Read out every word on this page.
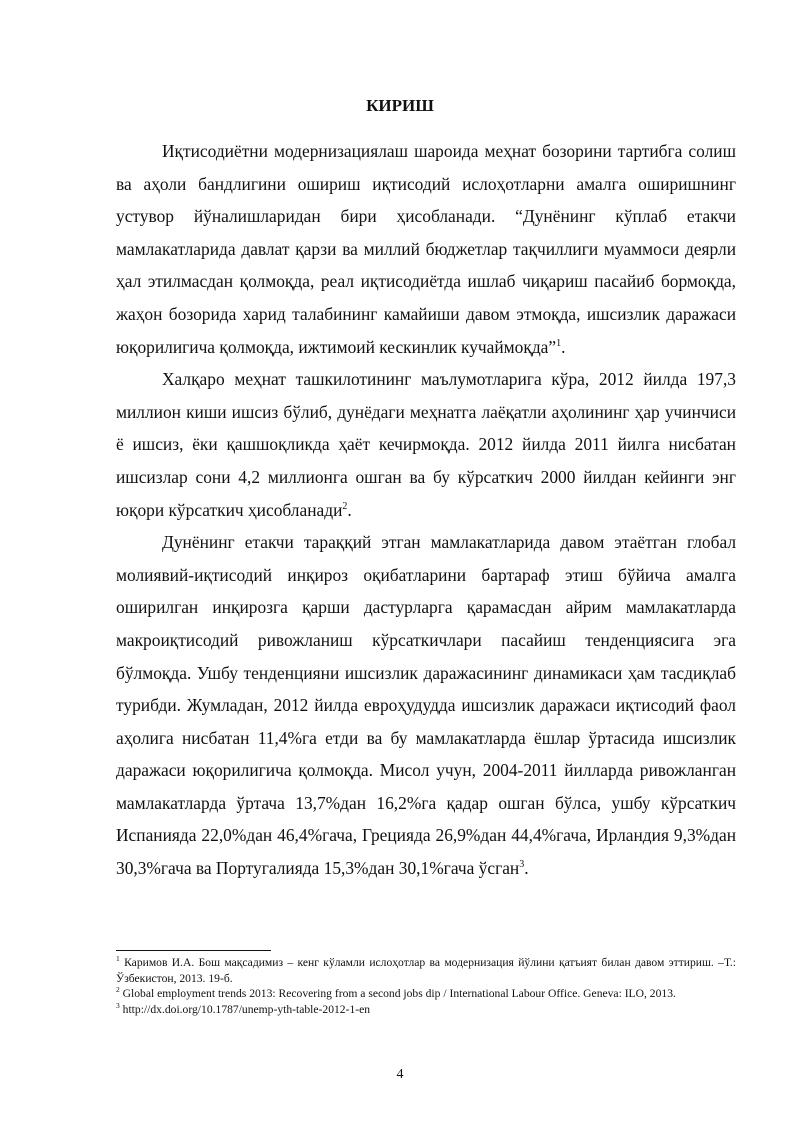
КИРИШ

Иқтисодиётни модернизациялаш шароида меҳнат бозорини тартибга солиш ва аҳоли бандлигини ошириш иқтисодий ислоҳотларни амалга оширишнинг устувор йўналишларидан бири ҳисобланади. “Дунёнинг кўплаб етакчи мамлакатларида давлат қарзи ва миллий бюджетлар тақчиллиги муаммоси деярли ҳал этилмасдан қолмоқда, реал иқтисодиётда ишлаб чиқариш пасайиб бормоқда, жаҳон бозорида харид талабининг камайиши давом этмоқда, ишсизлик даражаси юқорилигича қолмоқда, ижтимоий кескинлик кучаймоқда”$^1$.

Халқаро меҳнат ташкилотининг маълумотларига кўра, 2012 йилда 197,3 миллион киши ишсиз бўлиб, дунёдаги меҳнатга лаёқатли аҳолининг ҳар учинчиси ё ишсиз, ёки қашшоқликда ҳаёт кечирмоқда. 2012 йилда 2011 йилга нисбатан ишсизлар сони 4,2 миллионга ошган ва бу кўрсаткич 2000 йилдан кейинги энг юқори кўрсаткич ҳисобланади$^2$.

Дунёнинг етакчи тараққий этган мамлакатларида давом этаётган глобал молиявий-иқтисодий инқироз оқибатларини бартараф этиш бўйича амалга оширилган инқирозга қарши дастурларга қарамасдан айрим мамлакатларда макроиқтисодий ривожланиш кўрсаткичлари пасайиш тенденциясига эга бўлмоқда. Ушбу тенденцияни ишсизлик даражасининг динамикаси ҳам тасдиқлаб турибди. Жумладан, 2012 йилда евроҳудудда ишсизлик даражаси иқтисодий фаол аҳолига нисбатан 11,4%га етди ва бу мамлакатларда ёшлар ўртасида ишсизлик даражаси юқорилигича қолмоқда. Мисол учун, 2004-2011 йилларда ривожланган мамлакатларда ўртача 13,7%дан 16,2%га қадар ошган бўлса, ушбу кўрсаткич Испанияда 22,0%дан 46,4%гача, Грецияда 26,9%дан 44,4%гача, Ирландия 9,3%дан 30,3%гача ва Португалияда 15,3%дан 30,1%гача ўсган$^3$.

$^1$ Каримов И.А. Бош мақсадимиз – кенг кўламли ислоҳотлар ва модернизация йўлини қатъият билан давом эттириш. –Т.: Ўзбекистон, 2013. 19-б.

$^2$ Global employment trends 2013: Recovering from a second jobs dip / International Labour Office. Geneva: ILO, 2013.

$^3$ http://dx.doi.org/10.1787/unemp-yth-table-2012-1-en

4
